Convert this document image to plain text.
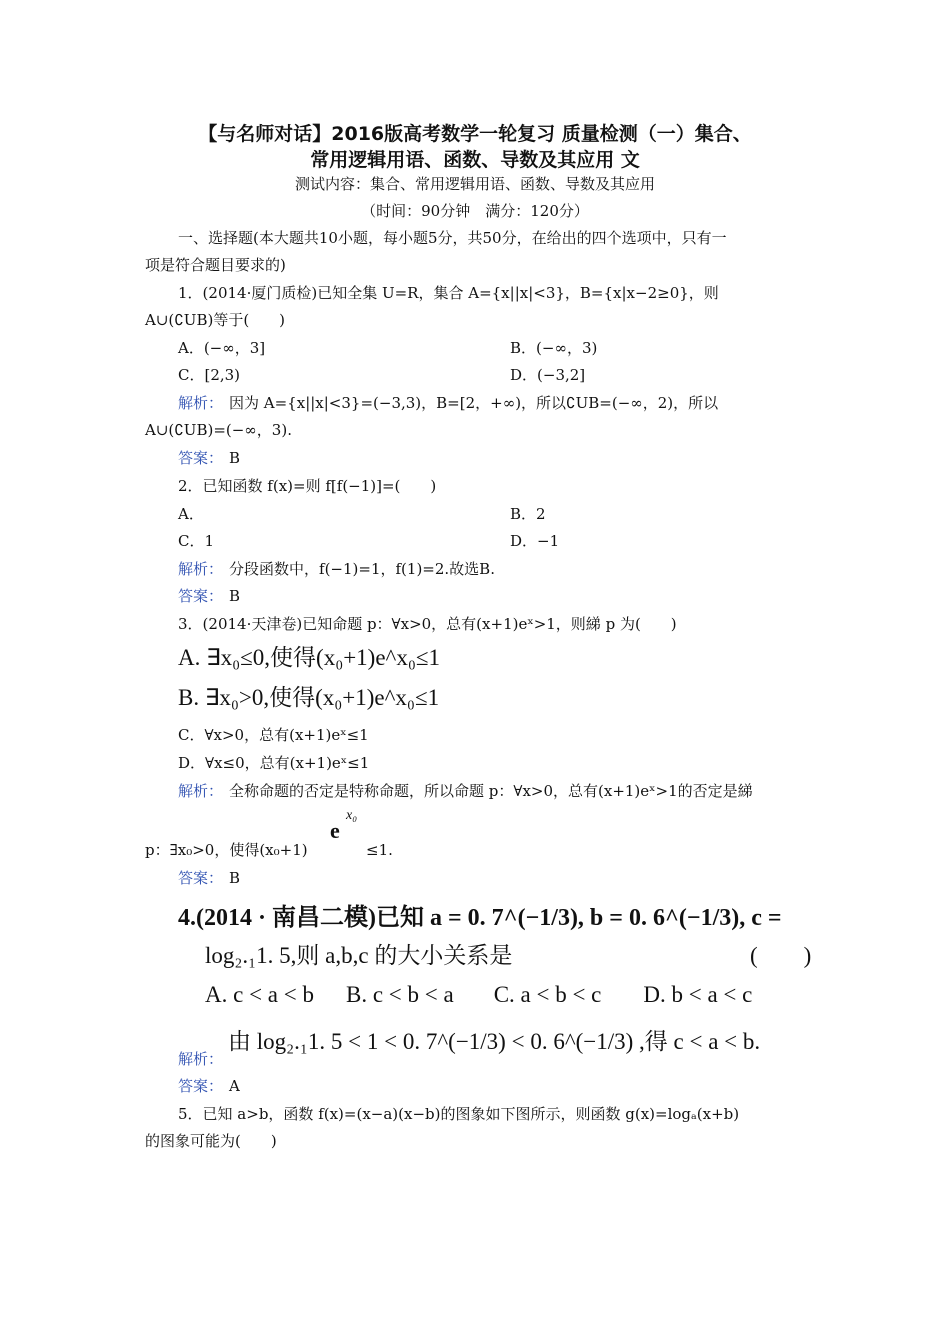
【与名师对话】2016版高考数学一轮复习 质量检测（一）集合、
常用逻辑用语、函数、导数及其应用 文
测试内容：集合、常用逻辑用语、函数、导数及其应用
（时间：90分钟　满分：120分）
一、选择题(本大题共10小题，每小题5分，共50分，在给出的四个选项中，只有一
项是符合题目要求的)
1．(2014·厦门质检)已知全集 U=R，集合 A={x||x|<3}，B={x|x−2≥0}，则
A∪(∁UB)等于(　　)
A．(−∞，3]	B．(−∞，3)
C．[2,3)	D．(−3,2]
解析： 因为 A={x||x|<3}=(−3,3)，B=[2，+∞)，所以∁UB=(−∞，2)，所以
A∪(∁UB)=(−∞，3).
答案： B
2．已知函数 f(x)=则 f[f(−1)]=(　　)
A．	B．2
C．1	D．−1
解析： 分段函数中，f(−1)=1，f(1)=2.故选B.
答案： B
3．(2014·天津卷)已知命题 p：∀x>0，总有(x+1)eˣ>1，则綈 p 为(　　)
A. ∃x₀≤0,使得(x₀+1)e^x₀≤1
B. ∃x₀>0,使得(x₀+1)e^x₀≤1
C．∀x>0，总有(x+1)eˣ≤1
D．∀x≤0，总有(x+1)eˣ≤1
解析： 全称命题的否定是特称命题，所以命题 p：∀x>0，总有(x+1)eˣ>1的否定是綈
p：∃x₀>0，使得(x₀+1)
e
x₀
≤1.
答案： B
4.(2014 · 南昌二模)已知 a = 0. 7^(−1/3), b = 0. 6^(−1/3), c =
log₂.₁1. 5,则 a,b,c 的大小关系是	(　　)
A. c < a < b B. c < b < a C. a < b < c D. b < a < c
解析：
由 log₂.₁1. 5 < 1 < 0. 7^(−1/3) < 0. 6^(−1/3) ,得 c < a < b.
答案： A
5．已知 a>b，函数 f(x)=(x−a)(x−b)的图象如下图所示，则函数 g(x)=logₐ(x+b)
的图象可能为(　　)
